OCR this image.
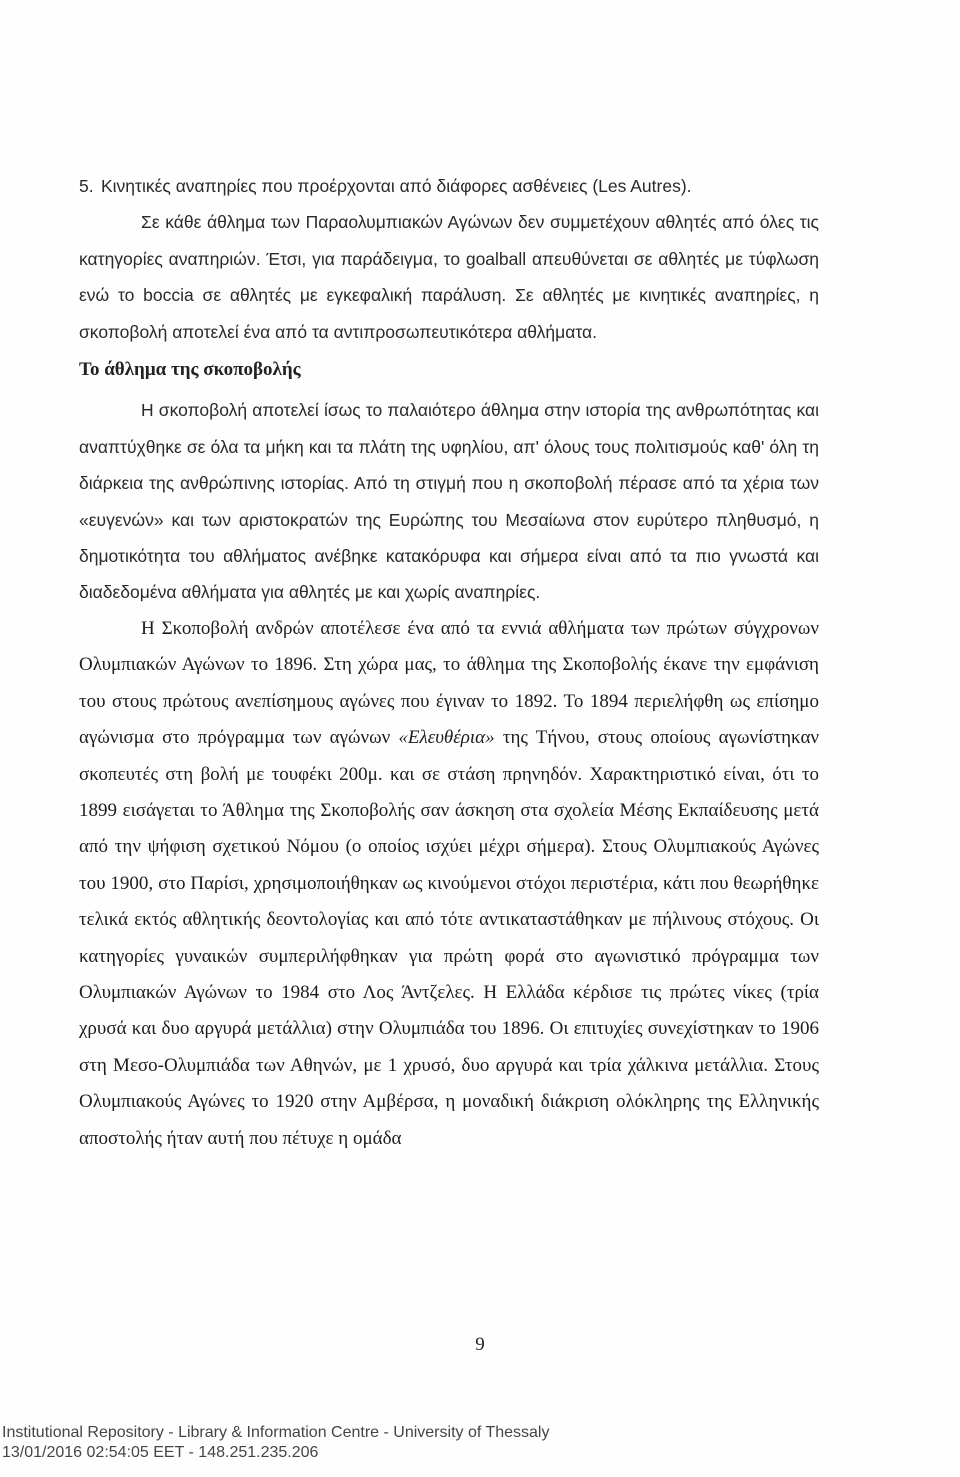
5. Κινητικές αναπηρίες που προέρχονται από διάφορες ασθένειες (Les Autres).

Σε κάθε άθλημα των Παραολυμπιακών Αγώνων δεν συμμετέχουν αθλητές από όλες τις κατηγορίες αναπηριών. Έτσι, για παράδειγμα, το goalball απευθύνεται σε αθλητές με τύφλωση ενώ το boccia σε αθλητές με εγκεφαλική παράλυση. Σε αθλητές με κινητικές αναπηρίες, η σκοποβολή αποτελεί ένα από τα αντιπροσωπευτικότερα αθλήματα.

Το άθλημα της σκοποβολής

Η σκοποβολή αποτελεί ίσως το παλαιότερο άθλημα στην ιστορία της ανθρωπότητας και αναπτύχθηκε σε όλα τα μήκη και τα πλάτη της υφηλίου, απ' όλους τους πολιτισμούς καθ' όλη τη διάρκεια της ανθρώπινης ιστορίας. Από τη στιγμή που η σκοποβολή πέρασε από τα χέρια των «ευγενών» και των αριστοκρατών της Ευρώπης του Μεσαίωνα στον ευρύτερο πληθυσμό, η δημοτικότητα του αθλήματος ανέβηκε κατακόρυφα και σήμερα είναι από τα πιο γνωστά και διαδεδομένα αθλήματα για αθλητές με και χωρίς αναπηρίες.

Η Σκοποβολή ανδρών αποτέλεσε ένα από τα εννιά αθλήματα των πρώτων σύγχρονων Ολυμπιακών Αγώνων το 1896. Στη χώρα μας, το άθλημα της Σκοποβολής έκανε την εμφάνιση του στους πρώτους ανεπίσημους αγώνες που έγιναν το 1892. Το 1894 περιελήφθη ως επίσημο αγώνισμα στο πρόγραμμα των αγώνων «Ελευθέρια» της Τήνου, στους οποίους αγωνίστηκαν σκοπευτές στη βολή με τουφέκι 200μ. και σε στάση πρηνηδόν. Χαρακτηριστικό είναι, ότι το 1899 εισάγεται το Άθλημα της Σκοποβολής σαν άσκηση στα σχολεία Μέσης Εκπαίδευσης μετά από την ψήφιση σχετικού Νόμου (ο οποίος ισχύει μέχρι σήμερα). Στους Ολυμπιακούς Αγώνες του 1900, στο Παρίσι, χρησιμοποιήθηκαν ως κινούμενοι στόχοι περιστέρια, κάτι που θεωρήθηκε τελικά εκτός αθλητικής δεοντολογίας και από τότε αντικαταστάθηκαν με πήλινους στόχους. Οι κατηγορίες γυναικών συμπεριλήφθηκαν για πρώτη φορά στο αγωνιστικό πρόγραμμα των Ολυμπιακών Αγώνων το 1984 στο Λος Άντζελες. Η Ελλάδα κέρδισε τις πρώτες νίκες (τρία χρυσά και δυο αργυρά μετάλλια) στην Ολυμπιάδα του 1896. Οι επιτυχίες συνεχίστηκαν το 1906 στη Μεσο-Ολυμπιάδα των Αθηνών, με 1 χρυσό, δυο αργυρά και τρία χάλκινα μετάλλια. Στους Ολυμπιακούς Αγώνες το 1920 στην Αμβέρσα, η μοναδική διάκριση ολόκληρης της Ελληνικής αποστολής ήταν αυτή που πέτυχε η ομάδα

9
Institutional Repository - Library & Information Centre - University of Thessaly
13/01/2016 02:54:05 EET - 148.251.235.206
